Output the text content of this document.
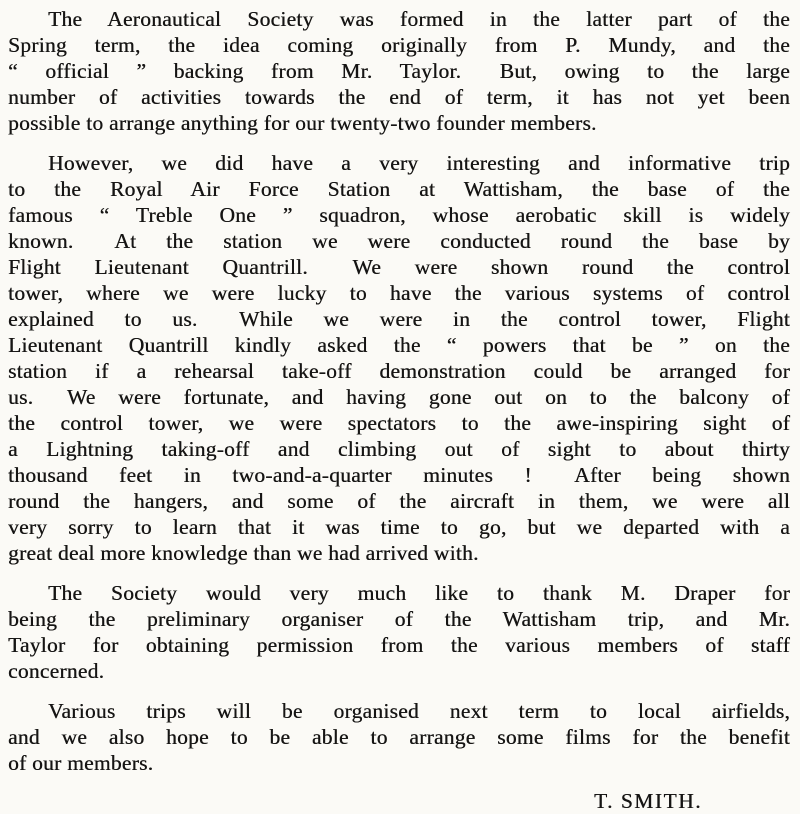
The Aeronautical Society was formed in the latter part of the
Spring term, the idea coming originally from P. Mundy, and the
“ official ” backing from Mr. Taylor.  But, owing to the large
number of activities towards the end of term, it has not yet been
possible to arrange anything for our twenty-two founder members.

However, we did have a very interesting and informative trip
to the Royal Air Force Station at Wattisham, the base of the
famous “ Treble One ” squadron, whose aerobatic skill is widely
known.  At the station we were conducted round the base by
Flight Lieutenant Quantrill.  We were shown round the control
tower, where we were lucky to have the various systems of control
explained to us.  While we were in the control tower, Flight
Lieutenant Quantrill kindly asked the “ powers that be ” on the
station if a rehearsal take-off demonstration could be arranged for
us.  We were fortunate, and having gone out on to the balcony of
the control tower, we were spectators to the awe-inspiring sight of
a Lightning taking-off and climbing out of sight to about thirty
thousand feet in two-and-a-quarter minutes !  After being shown
round the hangers, and some of the aircraft in them, we were all
very sorry to learn that it was time to go, but we departed with a
great deal more knowledge than we had arrived with.

The Society would very much like to thank M. Draper for
being the preliminary organiser of the Wattisham trip, and Mr.
Taylor for obtaining permission from the various members of staff
concerned.

Various trips will be organised next term to local airfields,
and we also hope to be able to arrange some films for the benefit
of our members.

T. SMITH.
